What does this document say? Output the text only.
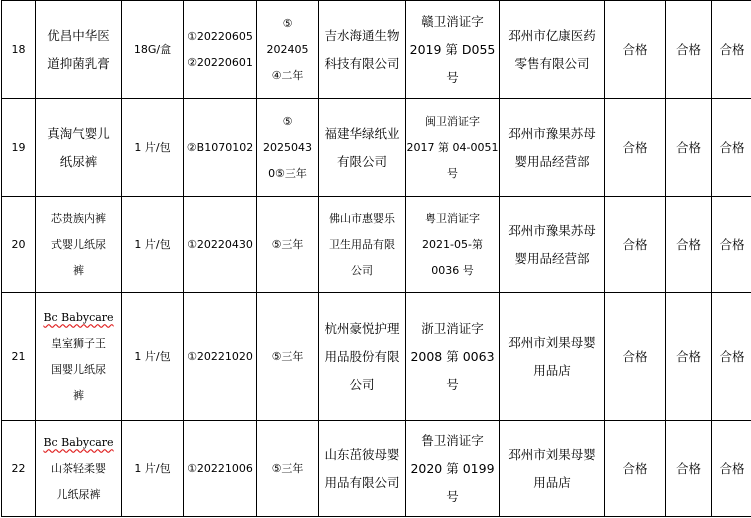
18	优昌中华医
道抑菌乳膏	18G/盒	①20220605
②20220601	⑤
202405
④二年	吉水海通生物
科技有限公司	赣卫消证字
2019 第 D055 号	邳州市亿康医药
零售有限公司	合格	合格	合格
19	真淘气婴儿
纸尿裤	1 片/包	②B1070102	⑤
2025043
0⑤三年	福建华绿纸业
有限公司	闽卫消证字
2017 第 04-0051
号	邳州市豫果苏母
婴用品经营部	合格	合格	合格
20	芯贵族内裤
式婴儿纸尿
裤	1 片/包	①20220430	⑤三年	佛山市惠婴乐
卫生用品有限
公司	粤卫消证字
2021-05-第
0036 号	邳州市豫果苏母
婴用品经营部	合格	合格	合格
21	Bc Babycare
皇室狮子王
国婴儿纸尿
裤	1 片/包	①20221020	⑤三年	杭州豪悦护理
用品股份有限
公司	浙卫消证字
2008 第 0063 号	邳州市刘果母婴
用品店	合格	合格	合格
22	Bc Babycare
山茶轻柔婴
儿纸尿裤	1 片/包	①20221006	⑤三年	山东茁彼母婴
用品有限公司	鲁卫消证字
2020 第 0199 号	邳州市刘果母婴
用品店	合格	合格	合格
